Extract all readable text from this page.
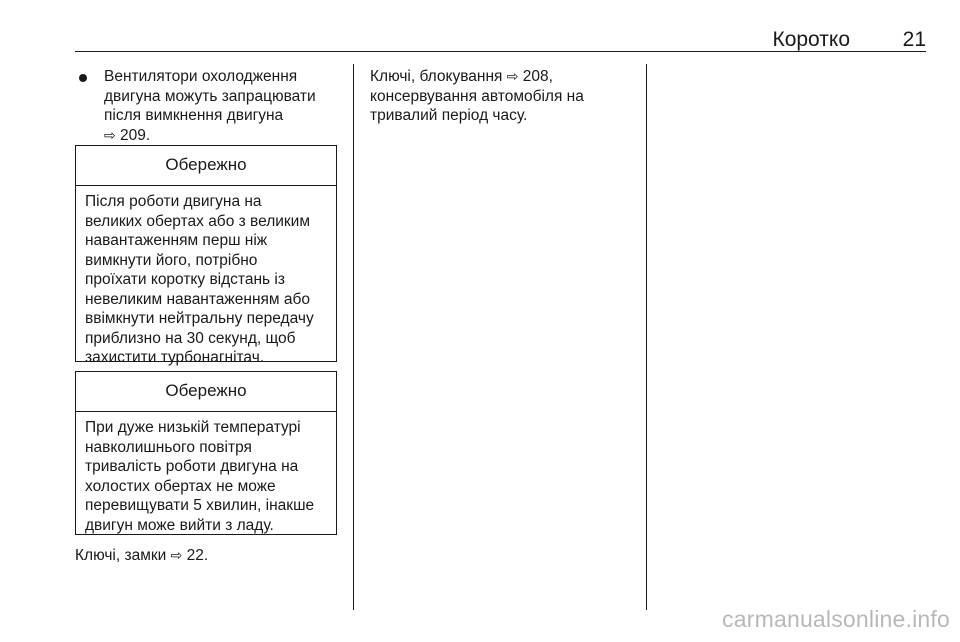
Коротко	21
Вентилятори охолодження
двигуна можуть запрацювати
після вимкнення двигуна
⇨ 209.
Обережно
Після роботи двигуна на
великих обертах або з великим
навантаженням перш ніж
вимкнути його, потрібно
проїхати коротку відстань із
невеликим навантаженням або
ввімкнути нейтральну передачу
приблизно на 30 секунд, щоб
захистити турбонагнітач.
Обережно
При дуже низькій температурі
навколишнього повітря
тривалість роботи двигуна на
холостих обертах не може
перевищувати 5 хвилин, інакше
двигун може вийти з ладу.
Ключі, замки ⇨ 22.
Ключі, блокування ⇨ 208,
консервування автомобіля на
тривалий період часу.
carmanualsonline.info
